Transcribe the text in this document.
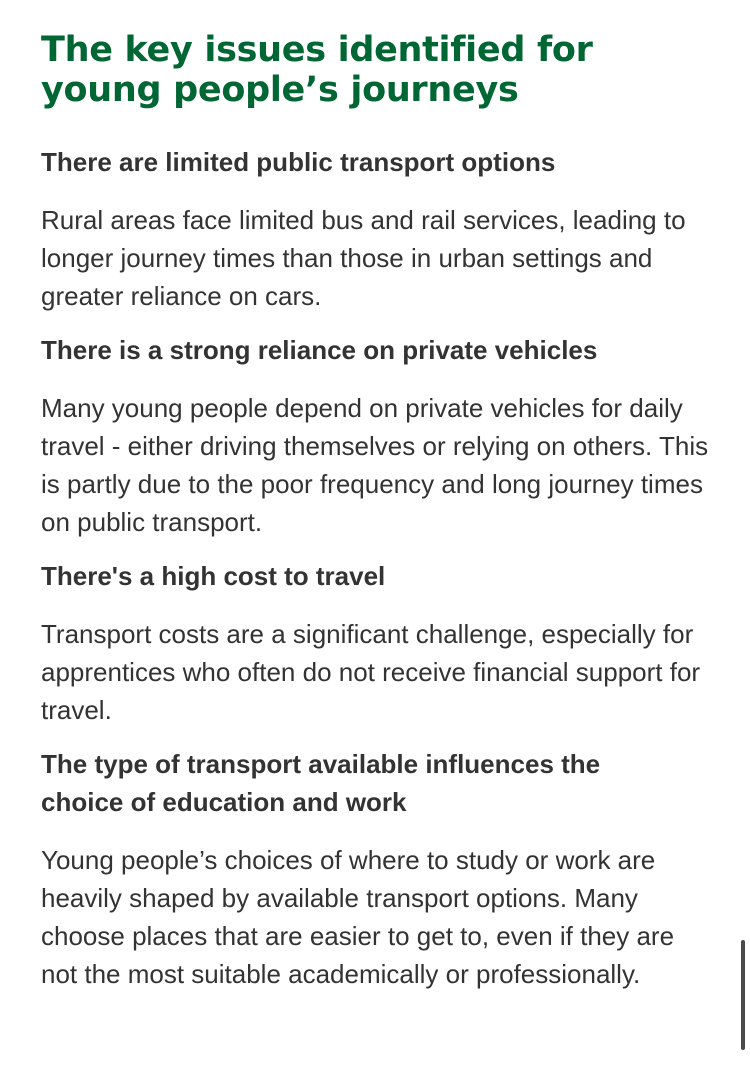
The key issues identified for
young people’s journeys
There are limited public transport options

Rural areas face limited bus and rail services, leading to longer journey times than those in urban settings and greater reliance on cars.

There is a strong reliance on private vehicles

Many young people depend on private vehicles for daily travel - either driving themselves or relying on others. This is partly due to the poor frequency and long journey times on public transport.

There's a high cost to travel

Transport costs are a significant challenge, especially for apprentices who often do not receive financial support for travel.

The type of transport available influences the choice of education and work

Young people’s choices of where to study or work are heavily shaped by available transport options. Many choose places that are easier to get to, even if they are not the most suitable academically or professionally.
